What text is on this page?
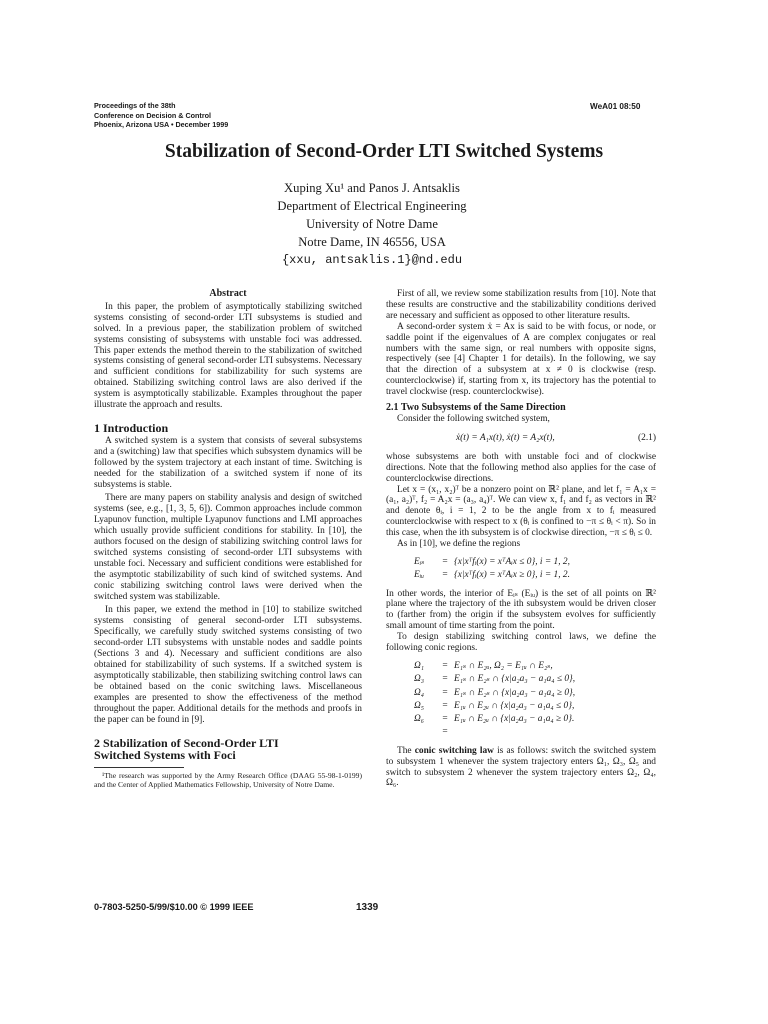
Proceedings of the 38th
Conference on Decision & Control
Phoenix, Arizona USA • December 1999
WeA01 08:50
Stabilization of Second-Order LTI Switched Systems
Xuping Xu¹ and Panos J. Antsaklis
Department of Electrical Engineering
University of Notre Dame
Notre Dame, IN 46556, USA
{xxu, antsaklis.1}@nd.edu
Abstract

In this paper, the problem of asymptotically stabilizing switched systems consisting of second-order LTI subsystems is studied and solved. In a previous paper, the stabilization problem of switched systems consisting of subsystems with unstable foci was addressed. This paper extends the method therein to the stabilization of switched systems consisting of general second-order LTI subsystems. Necessary and sufficient conditions for stabilizability for such systems are obtained. Stabilizing switching control laws are also derived if the system is asymptotically stabilizable. Examples throughout the paper illustrate the approach and results.

1 Introduction

A switched system is a system that consists of several subsystems and a (switching) law that specifies which subsystem dynamics will be followed by the system trajectory at each instant of time. Switching is needed for the stabilization of a switched system if none of its subsystems is stable.

There are many papers on stability analysis and design of switched systems (see, e.g., [1, 3, 5, 6]). Common approaches include common Lyapunov function, multiple Lyapunov functions and LMI approaches which usually provide sufficient conditions for stability. In [10], the authors focused on the design of stabilizing switching control laws for switched systems consisting of second-order LTI subsystems with unstable foci. Necessary and sufficient conditions were established for the asymptotic stabilizability of such kind of switched systems. And conic stabilizing switching control laws were derived when the switched system was stabilizable.

In this paper, we extend the method in [10] to stabilize switched systems consisting of general second-order LTI subsystems. Specifically, we carefully study switched systems consisting of two second-order LTI subsystems with unstable nodes and saddle points (Sections 3 and 4). Necessary and sufficient conditions are also obtained for stabilizability of such systems. If a switched system is asymptotically stabilizable, then stabilizing switching control laws can be obtained based on the conic switching laws. Miscellaneous examples are presented to show the effectiveness of the method throughout the paper. Additional details for the methods and proofs in the paper can be found in [9].

2 Stabilization of Second-Order LTI
Switched Systems with Foci
¹The research was supported by the Army Research Office (DAAG 55-98-1-0199) and the Center of Applied Mathematics Fellowship, University of Notre Dame.

First of all, we review some stabilization results from [10]. Note that these results are constructive and the stabilizability conditions derived are necessary and sufficient as opposed to other literature results.

A second-order system ẋ = Ax is said to be with focus, or node, or saddle point if the eigenvalues of A are complex conjugates or real numbers with the same sign, or real numbers with opposite signs, respectively (see [4] Chapter 1 for details). In the following, we say that the direction of a subsystem at x ≠ 0 is clockwise (resp. counterclockwise) if, starting from x, its trajectory has the potential to travel clockwise (resp. counterclockwise).

2.1 Two Subsystems of the Same Direction

Consider the following switched system,

ẋ(t) = A₁x(t), ẋ(t) = A₂x(t),	(2.1)

whose subsystems are both with unstable foci and of clockwise directions. Note that the following method also applies for the case of counterclockwise directions.

Let x = (x₁, x₂)ᵀ be a nonzero point on ℝ² plane, and let f₁ = A₁x = (a₁, a₂)ᵀ, f₂ = A₂x = (a₃, a₄)ᵀ. We can view x, f₁ and f₂ as vectors in ℝ² and denote θᵢ, i = 1, 2 to be the angle from x to fᵢ measured counterclockwise with respect to x (θᵢ is confined to −π ≤ θᵢ < π). So in this case, when the ith subsystem is of clockwise direction, −π ≤ θᵢ ≤ 0.

As in [10], we define the regions

Eᵢₛ	= {x|xᵀfᵢ(x) = xᵀAᵢx ≤ 0}, i = 1, 2,
Eᵢᵤ	= {x|xᵀfᵢ(x) = xᵀAᵢx ≥ 0}, i = 1, 2.

In other words, the interior of Eᵢₛ (Eᵢᵤ) is the set of all points on ℝ² plane where the trajectory of the ith subsystem would be driven closer to (farther from) the origin if the subsystem evolves for sufficiently small amount of time starting from the point.

To design stabilizing switching control laws, we define the following conic regions.

Ω₁	= E₁ₛ ∩ E₂ᵤ, Ω₂ = E₁ᵤ ∩ E₂ₛ,
Ω₃	= E₁ₛ ∩ E₂ₛ ∩ {x|a₂a₃ − a₁a₄ ≤ 0},
Ω₄	= E₁ₛ ∩ E₂ₛ ∩ {x|a₂a₃ − a₁a₄ ≥ 0},
Ω₅	= E₁ᵤ ∩ E₂ᵤ ∩ {x|a₂a₃ − a₁a₄ ≤ 0},
Ω₆	= E₁ᵤ ∩ E₂ᵤ ∩ {x|a₂a₃ − a₁a₄ ≥ 0}.
=

The conic switching law is as follows: switch the switched system to subsystem 1 whenever the system trajectory enters Ω₁, Ω₃, Ω₅ and switch to subsystem 2 whenever the system trajectory enters Ω₂, Ω₄, Ω₆.

0-7803-5250-5/99/$10.00 © 1999 IEEE	1339
